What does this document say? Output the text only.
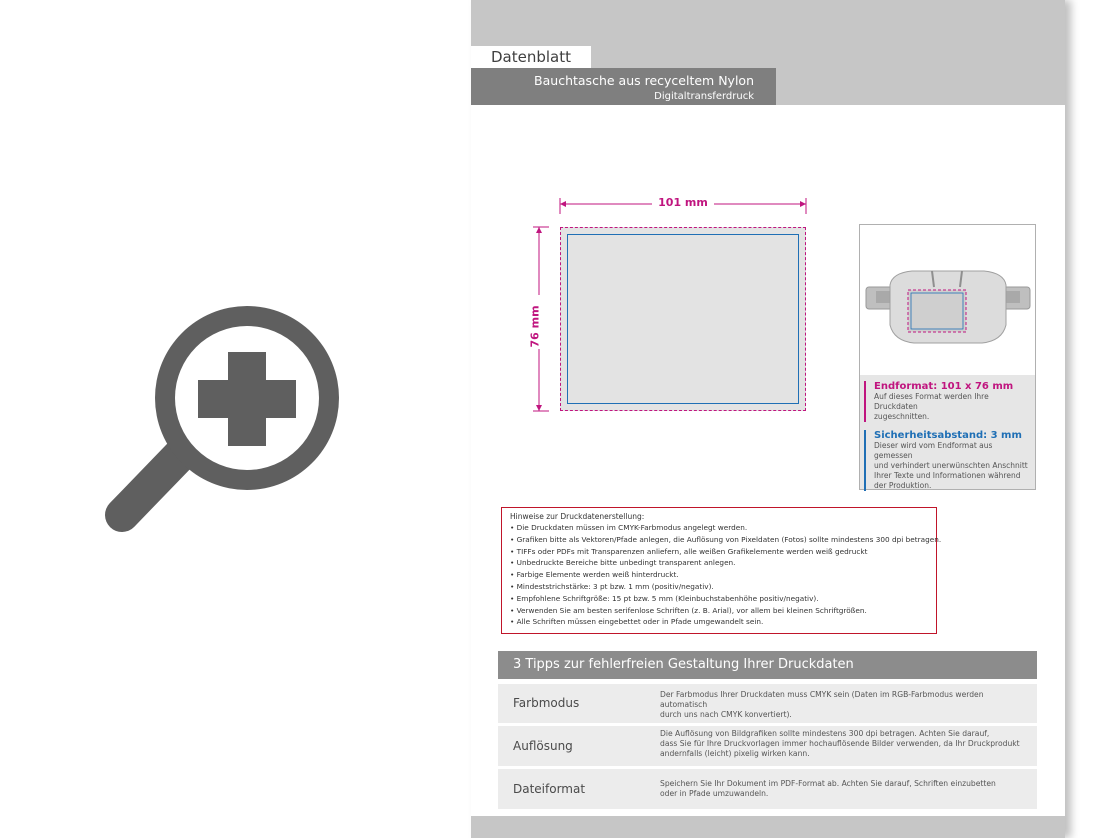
Datenblatt
Bauchtasche aus recyceltem Nylon
Digitaltransferdruck
101 mm
76 mm
Endformat: 101 x 76 mm
Auf dieses Format werden Ihre Druckdaten
zugeschnitten.
Sicherheitsabstand: 3 mm
Dieser wird vom Endformat aus gemessen
und verhindert unerwünschten Anschnitt
Ihrer Texte und Informationen während
der Produktion.
Hinweise zur Druckdatenerstellung:
• Die Druckdaten müssen im CMYK-Farbmodus angelegt werden.
• Grafiken bitte als Vektoren/Pfade anlegen, die Auflösung von Pixeldaten (Fotos) sollte mindestens 300 dpi betragen.
• TIFFs oder PDFs mit Transparenzen anliefern, alle weißen Grafikelemente werden weiß gedruckt
• Unbedruckte Bereiche bitte unbedingt transparent anlegen.
• Farbige Elemente werden weiß hinterdruckt.
• Mindeststrichstärke: 3 pt bzw. 1 mm (positiv/negativ).
• Empfohlene Schriftgröße: 15 pt bzw. 5 mm (Kleinbuchstabenhöhe positiv/negativ).
• Verwenden Sie am besten serifenlose Schriften (z. B. Arial), vor allem bei kleinen Schriftgrößen.
• Alle Schriften müssen eingebettet oder in Pfade umgewandelt sein.
3 Tipps zur fehlerfreien Gestaltung Ihrer Druckdaten
Farbmodus
Der Farbmodus Ihrer Druckdaten muss CMYK sein (Daten im RGB-Farbmodus werden automatisch
durch uns nach CMYK konvertiert).
Auflösung
Die Auflösung von Bildgrafiken sollte mindestens 300 dpi betragen. Achten Sie darauf,
dass Sie für Ihre Druckvorlagen immer hochauflösende Bilder verwenden, da Ihr Druckprodukt
andernfalls (leicht) pixelig wirken kann.
Dateiformat	Speichern Sie Ihr Dokument im PDF-Format ab. Achten Sie darauf, Schriften einzubetten
oder in Pfade umzuwandeln.
